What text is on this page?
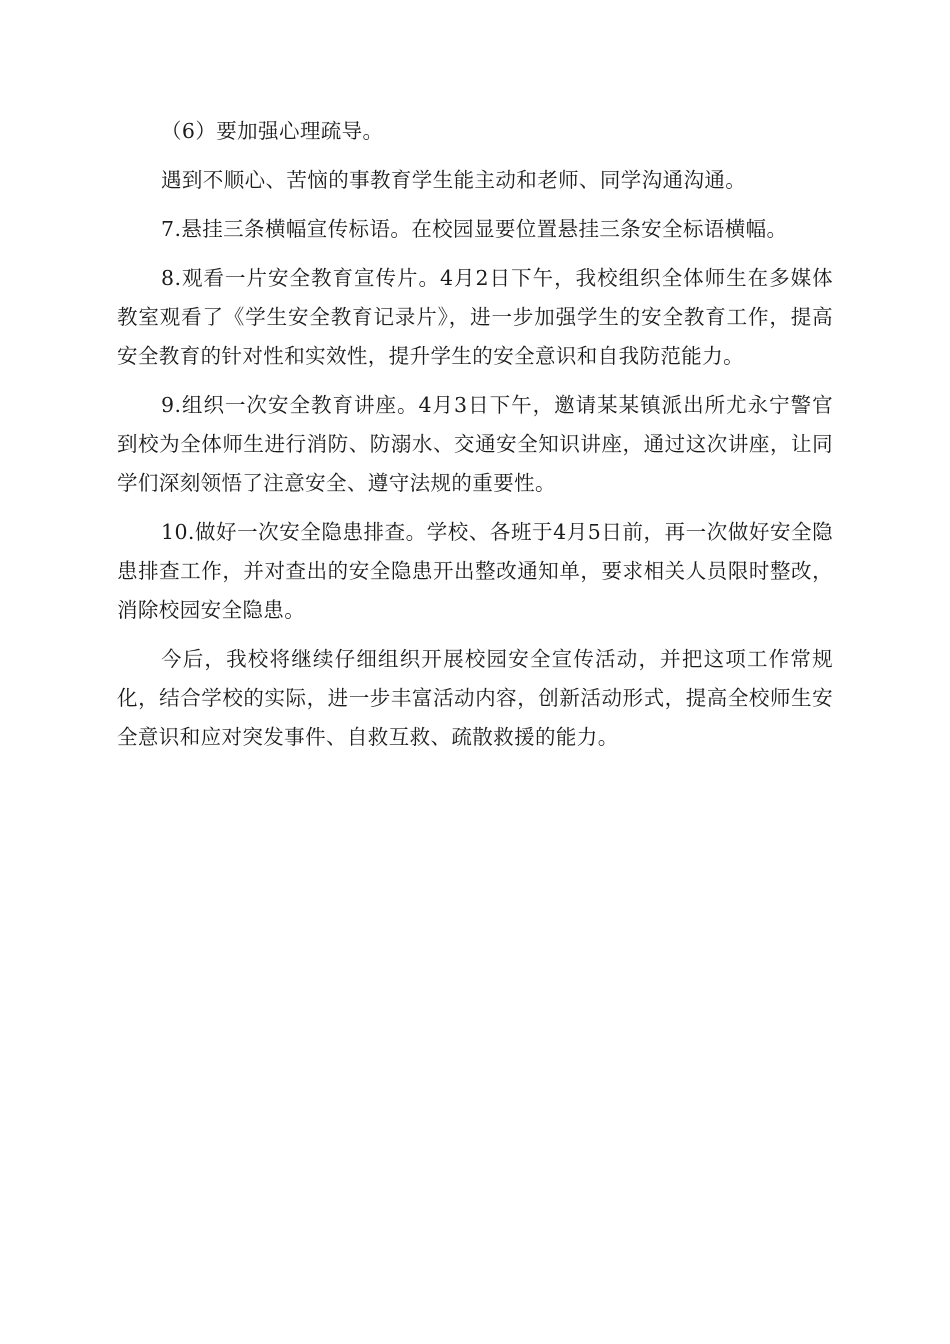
（6）要加强心理疏导。

遇到不顺心、苦恼的事教育学生能主动和老师、同学沟通沟通。

7.悬挂三条横幅宣传标语。在校园显要位置悬挂三条安全标语横幅。

8.观看一片安全教育宣传片。4月2日下午，我校组织全体师生在多媒体教室观看了《学生安全教育记录片》，进一步加强学生的安全教育工作，提高安全教育的针对性和实效性，提升学生的安全意识和自我防范能力。

9.组织一次安全教育讲座。4月3日下午，邀请某某镇派出所尤永宁警官到校为全体师生进行消防、防溺水、交通安全知识讲座，通过这次讲座，让同学们深刻领悟了注意安全、遵守法规的重要性。

10.做好一次安全隐患排查。学校、各班于4月5日前，再一次做好安全隐患排查工作，并对查出的安全隐患开出整改通知单，要求相关人员限时整改，消除校园安全隐患。

今后，我校将继续仔细组织开展校园安全宣传活动，并把这项工作常规化，结合学校的实际，进一步丰富活动内容，创新活动形式，提高全校师生安全意识和应对突发事件、自救互救、疏散救援的能力。
